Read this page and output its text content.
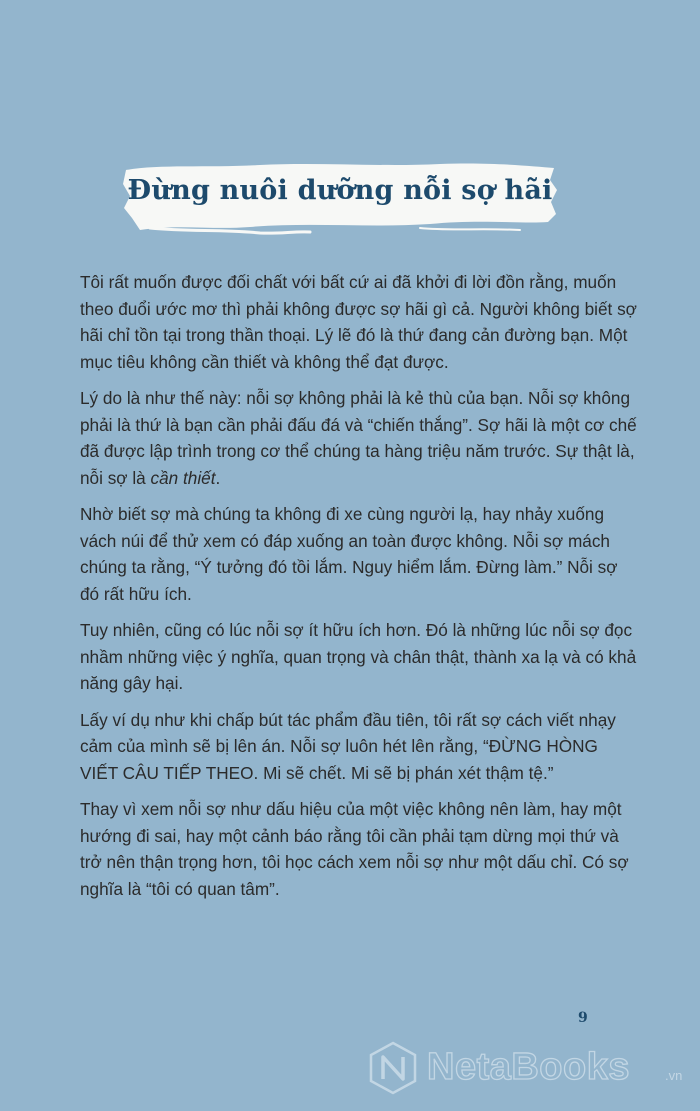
Đừng nuôi dưỡng nỗi sợ hãi

Tôi rất muốn được đối chất với bất cứ ai đã khởi đi lời đồn rằng, muốn theo đuổi ước mơ thì phải không được sợ hãi gì cả. Người không biết sợ hãi chỉ tồn tại trong thần thoại. Lý lẽ đó là thứ đang cản đường bạn. Một mục tiêu không cần thiết và không thể đạt được.

Lý do là như thế này: nỗi sợ không phải là kẻ thù của bạn. Nỗi sợ không phải là thứ là bạn cần phải đấu đá và “chiến thắng”. Sợ hãi là một cơ chế đã được lập trình trong cơ thể chúng ta hàng triệu năm trước. Sự thật là, nỗi sợ là cần thiết.

Nhờ biết sợ mà chúng ta không đi xe cùng người lạ, hay nhảy xuống vách núi để thử xem có đáp xuống an toàn được không. Nỗi sợ mách chúng ta rằng, “Ý tưởng đó tồi lắm. Nguy hiểm lắm. Đừng làm.” Nỗi sợ đó rất hữu ích.

Tuy nhiên, cũng có lúc nỗi sợ ít hữu ích hơn. Đó là những lúc nỗi sợ đọc nhầm những việc ý nghĩa, quan trọng và chân thật, thành xa lạ và có khả năng gây hại.

Lấy ví dụ như khi chấp bút tác phẩm đầu tiên, tôi rất sợ cách viết nhạy cảm của mình sẽ bị lên án. Nỗi sợ luôn hét lên rằng, “ĐỪNG HÒNG VIẾT CÂU TIẾP THEO. Mi sẽ chết. Mi sẽ bị phán xét thậm tệ.”

Thay vì xem nỗi sợ như dấu hiệu của một việc không nên làm, hay một hướng đi sai, hay một cảnh báo rằng tôi cần phải tạm dừng mọi thứ và trở nên thận trọng hơn, tôi học cách xem nỗi sợ như một dấu chỉ. Có sợ nghĩa là “tôi có quan tâm”.

9
NetaBooks	.vn
